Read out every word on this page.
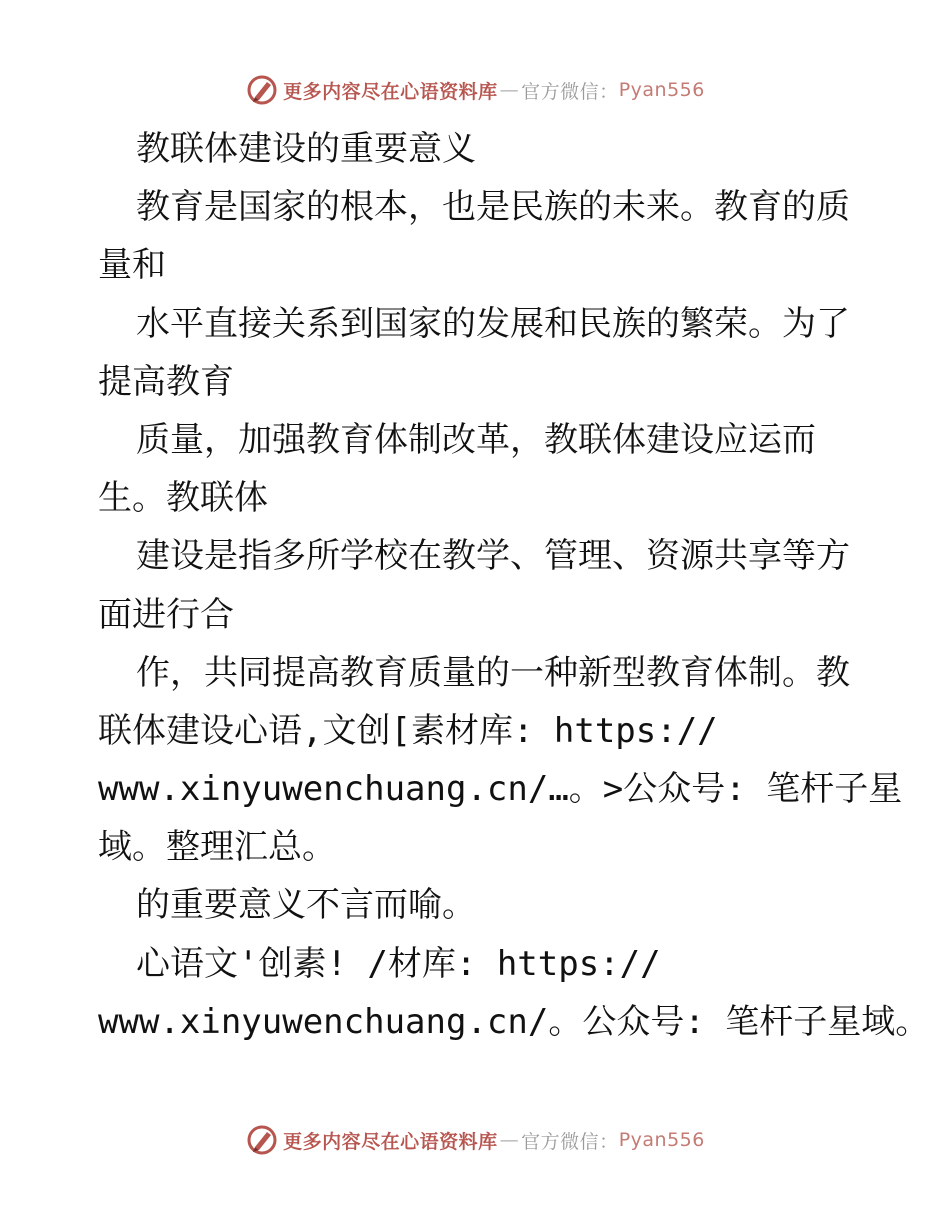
更多内容尽在心语资料库 — 官方微信： Pyan556
教联体建设的重要意义
教育是国家的根本，也是民族的未来。教育的质
量和
水平直接关系到国家的发展和民族的繁荣。为了
提高教育
质量，加强教育体制改革，教联体建设应运而
生。教联体
建设是指多所学校在教学、管理、资源共享等方
面进行合
作，共同提高教育质量的一种新型教育体制。教
联体建设心语,文创[素材库: https://
www.xinyuwenchuang.cn/…。>公众号: 笔杆子星
域。整理汇总。
的重要意义不言而喻。
心语文'创素! /材库: https://
www.xinyuwenchuang.cn/。公众号: 笔杆子星域。
更多内容尽在心语资料库 — 官方微信： Pyan556
